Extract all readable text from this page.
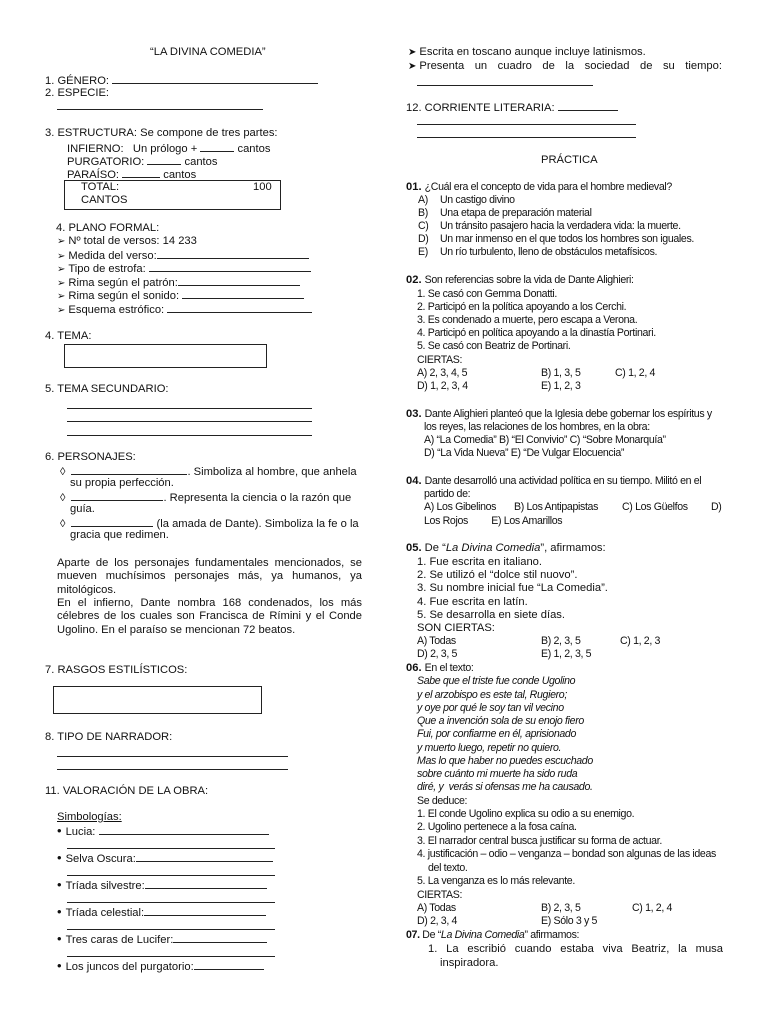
“LA DIVINA COMEDIA”
1. GÉNERO:
2. ESPECIE:
3. ESTRUCTURA: Se compone de tres partes:
INFIERNO: Un prólogo +	cantos
PURGATORIO:	cantos
PARAÍSO:	cantos
TOTAL:	100
CANTOS
4. PLANO FORMAL:
➢ Nº total de versos: 14 233
➢ Medida del verso:
➢ Tipo de estrofa:
➢ Rima según el patrón:
➢ Rima según el sonido:
➢ Esquema estrófico:
4. TEMA:
5. TEMA SECUNDARIO:
6. PERSONAJES:
◊	. Simboliza al hombre, que anhela
su propia perfección.
◊	. Representa la ciencia o la razón que
guía.
◊	(la amada de Dante). Simboliza la fe o la
gracia que redimen.
Aparte de los personajes fundamentales mencionados, se mueven muchísimos personajes más, ya humanos, ya mitológicos.
En el infierno, Dante nombra 168 condenados, los más célebres de los cuales son Francisca de Rímini y el Conde Ugolino. En el paraíso se mencionan 72 beatos.
7. RASGOS ESTILÍSTICOS:
8. TIPO DE NARRADOR:
11. VALORACIÓN DE LA OBRA:
Simbologías:
• Lucia:
• Selva Oscura:
• Tríada silvestre:
• Tríada celestial:
• Tres caras de Lucifer:
• Los juncos del purgatorio:
➤ Escrita en toscano aunque incluye latinismos.
➤ Presenta un cuadro de la sociedad de su tiempo:
12. CORRIENTE LITERARIA:
PRÁCTICA
01. ¿Cuál era el concepto de vida para el hombre medieval?
A) Un castigo divino
B) Una etapa de preparación material
C) Un tránsito pasajero hacia la verdadera vida: la muerte.
D) Un mar inmenso en el que todos los hombres son iguales.
E) Un río turbulento, lleno de obstáculos metafísicos.
02. Son referencias sobre la vida de Dante Alighieri:
1. Se casó con Gemma Donatti.
2. Participó en la política apoyando a los Cerchi.
3. Es condenado a muerte, pero escapa a Verona.
4. Participó en política apoyando a la dinastía Portinari.
5. Se casó con Beatriz de Portinari.
CIERTAS:
A) 2, 3, 4, 5	B) 1, 3, 5	C) 1, 2, 4
D) 1, 2, 3, 4	E) 1, 2, 3
03. Dante Alighieri planteó que la Iglesia debe gobernar los espíritus y
los reyes, las relaciones de los hombres, en la obra:
A) “La Comedia” B) “El Convivio” C) “Sobre Monarquía”
D) “La Vida Nueva” E) “De Vulgar Elocuencia”
04. Dante desarrolló una actividad política en su tiempo. Militó en el
partido de:
A) Los Gibelinos B) Los Antipapistas C) Los Güelfos D)
Los Rojos         E) Los Amarillos
05. De “La Divina Comedia”, afirmamos:
1. Fue escrita en italiano.
2. Se utilizó el “dolce stil nuovo”.
3. Su nombre inicial fue “La Comedia”.
4. Fue escrita en latín.
5. Se desarrolla en siete días.
SON CIERTAS:
A) Todas	B) 2, 3, 5	C) 1, 2, 3
D) 2, 3, 5	E) 1, 2, 3, 5
06. En el texto:
Sabe que el triste fue conde Ugolino
y el arzobispo es este tal, Rugiero;
y oye por qué le soy tan vil vecino
Que a invención sola de su enojo fiero
Fui, por confiarme en él, aprisionado
y muerto luego, repetir no quiero.
Mas lo que haber no puedes escuchado
sobre cuánto mi muerte ha sido ruda
diré, y  verás si ofensas me ha causado.
Se deduce:
1. El conde Ugolino explica su odio a su enemigo.
2. Ugolino pertenece a la fosa caína.
3. El narrador central busca justificar su forma de actuar.
4. justificación – odio – venganza – bondad son algunas de las ideas
del texto.
5. La venganza es lo más relevante.
CIERTAS:
A) Todas	B) 2, 3, 5	C) 1, 2, 4
D) 2, 3, 4	E) Sólo 3 y 5
07. De “La Divina Comedia” afirmamos:
1. La escribió cuando estaba viva Beatriz, la musa
inspiradora.
